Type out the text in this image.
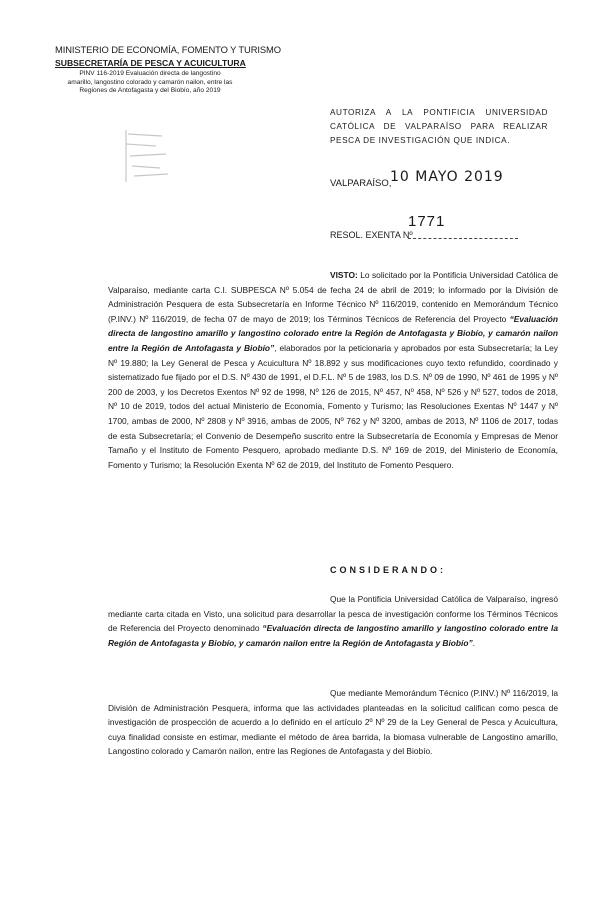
MINISTERIO DE ECONOMÍA, FOMENTO Y TURISMO
SUBSECRETARÍA DE PESCA Y ACUICULTURA
PINV 116-2019 Evaluación directa de langostino
amarillo, langostino colorado y camarón nailon, entre las
Regiones de Antofagasta y del Biobío, año 2019
AUTORIZA A LA PONTIFICIA UNIVERSIDAD CATÓLICA DE VALPARAÍSO PARA REALIZAR PESCA DE INVESTIGACIÓN QUE INDICA.
VALPARAÍSO,
10 MAYO 2019
1771
RESOL. EXENTA Nº
VISTO: Lo solicitado por la Pontificia Universidad Católica de Valparaíso, mediante carta C.I. SUBPESCA Nº 5.054 de fecha 24 de abril de 2019; lo informado por la División de Administración Pesquera de esta Subsecretaría en Informe Técnico Nº 116/2019, contenido en Memorándum Técnico (P.INV.) Nº 116/2019, de fecha 07 de mayo de 2019; los Términos Técnicos de Referencia del Proyecto “Evaluación directa de langostino amarillo y langostino colorado entre la Región de Antofagasta y Biobío, y camarón nailon entre la Región de Antofagasta y Biobío”, elaborados por la peticionaria y aprobados por esta Subsecretaría; la Ley Nº 19.880; la Ley General de Pesca y Acuicultura Nº 18.892 y sus modificaciones cuyo texto refundido, coordinado y sistematizado fue fijado por el D.S. Nº 430 de 1991, el D.F.L. Nº 5 de 1983, los D.S. Nº 09 de 1990, Nº 461 de 1995 y Nº 200 de 2003, y los Decretos Exentos Nº 92 de 1998, Nº 126 de 2015, Nº 457, Nº 458, Nº 526 y Nº 527, todos de 2018, Nº 10 de 2019, todos del actual Ministerio de Economía, Fomento y Turismo; las Resoluciones Exentas Nº 1447 y Nº 1700, ambas de 2000, Nº 2808 y Nº 3916, ambas de 2005, Nº 762 y Nº 3200, ambas de 2013, Nº 1106 de 2017, todas de esta Subsecretaría; el Convenio de Desempeño suscrito entre la Subsecretaría de Economía y Empresas de Menor Tamaño y el Instituto de Fomento Pesquero, aprobado mediante D.S. Nº 169 de 2019, del Ministerio de Economía, Fomento y Turismo; la Resolución Exenta Nº 62 de 2019, del Instituto de Fomento Pesquero.
CONSIDERANDO:
Que la Pontificia Universidad Católica de Valparaíso, ingresó mediante carta citada en Visto, una solicitud para desarrollar la pesca de investigación conforme los Términos Técnicos de Referencia del Proyecto denominado “Evaluación directa de langostino amarillo y langostino colorado entre la Región de Antofagasta y Biobío, y camarón nailon entre la Región de Antofagasta y Biobío”.
Que mediante Memorándum Técnico (P.INV.) Nº 116/2019, la División de Administración Pesquera, informa que las actividades planteadas en la solicitud califican como pesca de investigación de prospección de acuerdo a lo definido en el artículo 2º Nº 29 de la Ley General de Pesca y Acuicultura, cuya finalidad consiste en estimar, mediante el método de área barrida, la biomasa vulnerable de Langostino amarillo, Langostino colorado y Camarón nailon, entre las Regiones de Antofagasta y del Biobío.
